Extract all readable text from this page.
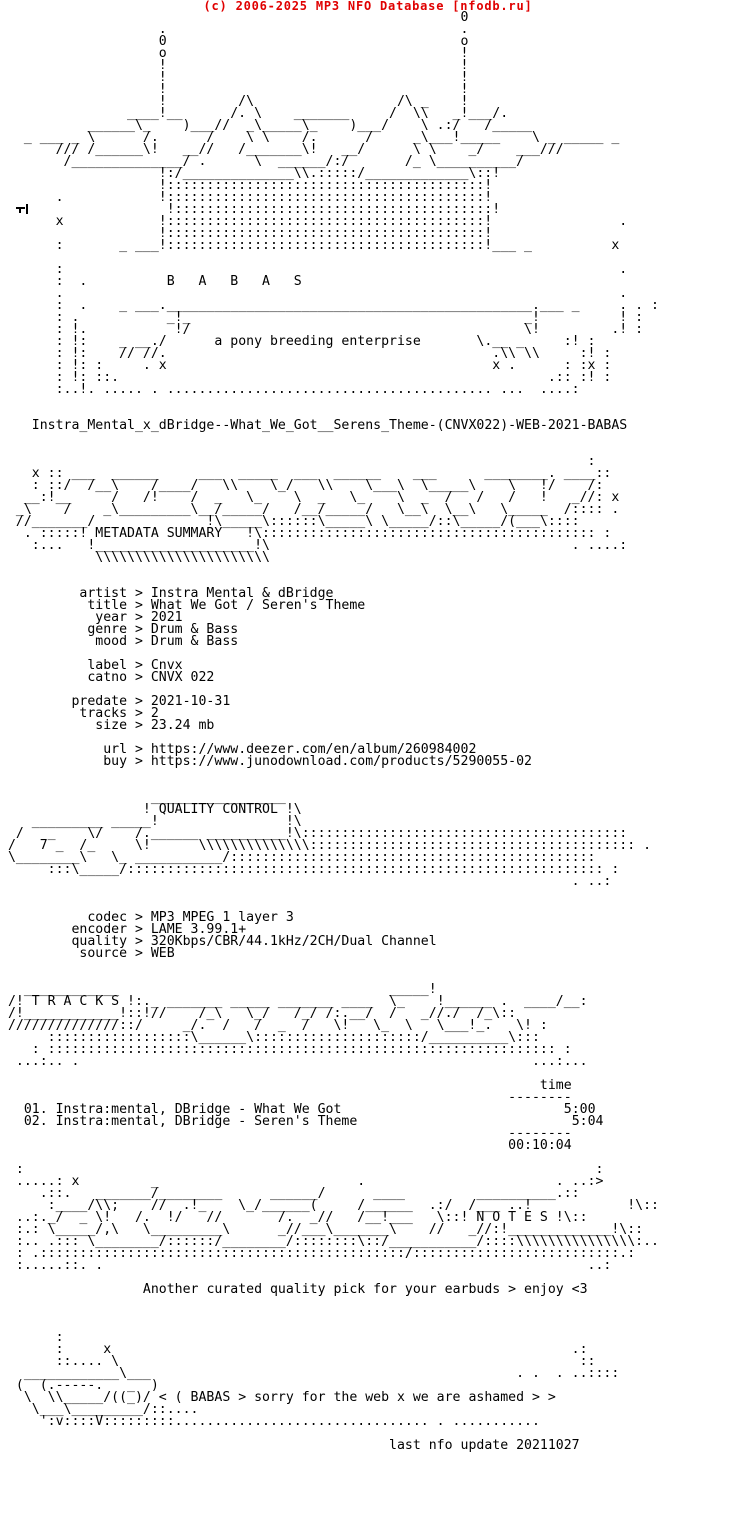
(c) 2006-2025 MP3 NFO Database [nfodb.ru]
0
.                                     .
0                                     o
o                                     !
!                                     !
!                                     !
!                                     !
!         /\                  /\ _    !
____!__      /. \    _______     /  \\   _!___/.
______\_    )___//  _\_____\_    )___/    \ .:/   /_____
_ ___ _ \      /.      /    \ \    /.      /     _\___!_____    \ _ _____ _
/// /______\!   __//   /_______\!   __/      \ \    _/    ___///
/______________/ .      \  ______/:/       /_ \__________/
!:/______________\\.:::::/_____________\::!
!::::::::::::::::::::::::::::::::::::::::!
.            !::::::::::::::::::::::::::::::::::::::::!
!::::::::::::::::::::::::::::::::::::::::!
x            !::::::::::::::::::::::::::::::::::::::::!                .
!::::::::::::::::::::::::::::::::::::::::!
:       _ ___!::::::::::::::::::::::::::::::::::::::::!___ _          x

:                                                                      .
:  .          B   A   B   A   S
.                                                                      .
:  .    _ ___.______________________________________________.___ _     . . :
: .           _!_                                          _!          ! :
: !.           !/                                          \!         .! :
: !:    _ __./      a pony breeding enterprise       \.__ _     :! :
: !:    // //.                                         .\\ \\     :! :
: !: :     . x                                         x .      : :x :
: !: ::.                                                      .:: :! :
:..!. ..... . ......................................... ...  ....:

Instra_Mental_x_dBridge--What_We_Got__Serens_Theme-(CNVX022)-WEB-2021-BABAS

:
x :: ___  ______     ___  _____  ___  ______    ___      ________. ____::
: ::/  /__\    /____/   \\    \_/   \\    \___\  \_____\    \   !/    /:
__:!__     /   /!    /  _   \_    \  _   \_    \  _  /   /   /   !   _//: x
_\    /    _\_________\__/_____/   /__/_____/   \__\  \__\   \_____  /:::: .
//_______/              !\_____\::::::\_____\ \_____/::\_____/(___\::::
. :::::! METADATA SUMMARY   !\:::::::::::::::::::::::::::::::::::::::::: :
:...   !____________________!\                                      . ....:
\\\\\\\\\\\\\\\\\\\\\\

artist > Instra Mental & dBridge
title > What We Got / Seren's Theme
year > 2021
genre > Drum & Bass
mood > Drum & Bass

label > Cnvx
catno > CNVX 022

predate > 2021-10-31
tracks > 2
size > 23.24 mb

url > https://www.deezer.com/en/album/260984002
buy > https://www.junodownload.com/products/5290055-02

_________________
! QUALITY CONTROL !\
_________ _____!                !\
/   _    \/    /.______ __________!\:::::::::::::::::::::::::::::::::::::::::
/   7 _  /_     \!      \\\\\\\\\\\\\\::::::::::::::::::::::::::::::::::::::::: .
\________\   \_ ___________/::::::::::::::::::::::::::::::::::::::::::::::
:::\_____/:::::::::::::::::::::::::::::::::::::::::::::::::::::::::::: :
. ..:

codec > MP3 MPEG 1 layer 3
encoder > LAME 3.99.1+
quality > 320Kbps/CBR/44.1kHz/2CH/Dual Channel
source > WEB

____________                                  _____!
/! T R A C K S !:._ _______ _____ _______ ____  \_    !______ .  ____/__:
/!____________!::!//    /_\   \_/   /_/ /:.__/  /   _//./  /_\::
//////////////::/     _/.  /   /  _  /   \!   \_  \   \___!_.   \! :
::::::::::::::::::\______\:::::::::::::::::::::/__________\:::
: :::::::::::::::::::::::::::::::::::::::::::::::::::::::::::::::: :
...:.. .                                                         ...:...

time
--------
01. Instra:mental, DBridge - What We Got	5:00
02. Instra:mental, DBridge - Seren's Theme	5:04
--------
00:10:04

:                                                                        :
.....: x         _                         .                        . ..:>
.::.   _______/________      ______/      ____         __________.::
:____/\\;    //  .!_    \_/______(     /______  .:/  /___ ..!            !\::
..:._/  _ \!   /.  !/   //       /.  _//   /__!___   \::! N O T E S !\::
:.: \_____/,\   \_________\      _//___\_______\    //   _//:!_____________!\::
:.. .::: \________/::::::/________/::::::::\::/___________/::::\\\\\\\\\\\\\\\:..
: .::::::::::::::::::::::::::::::::::::::::::::::/::::::::::::::::::::::::::.:
:.....::. .                                                             ..:

Another curated quality pick for your earbuds > enjoy <3

:
:     x                                                          .:
::.... \                                                          ::
____________\___                                              . .  . ..::::
(  (.-----.   _  )
\  \\_____/((_)/ < ( BABAS > sorry for the web x we are ashamed > >
\___\_________/::....
':v::::V:::::::::................................ . ...........

last nfo update 20211027
